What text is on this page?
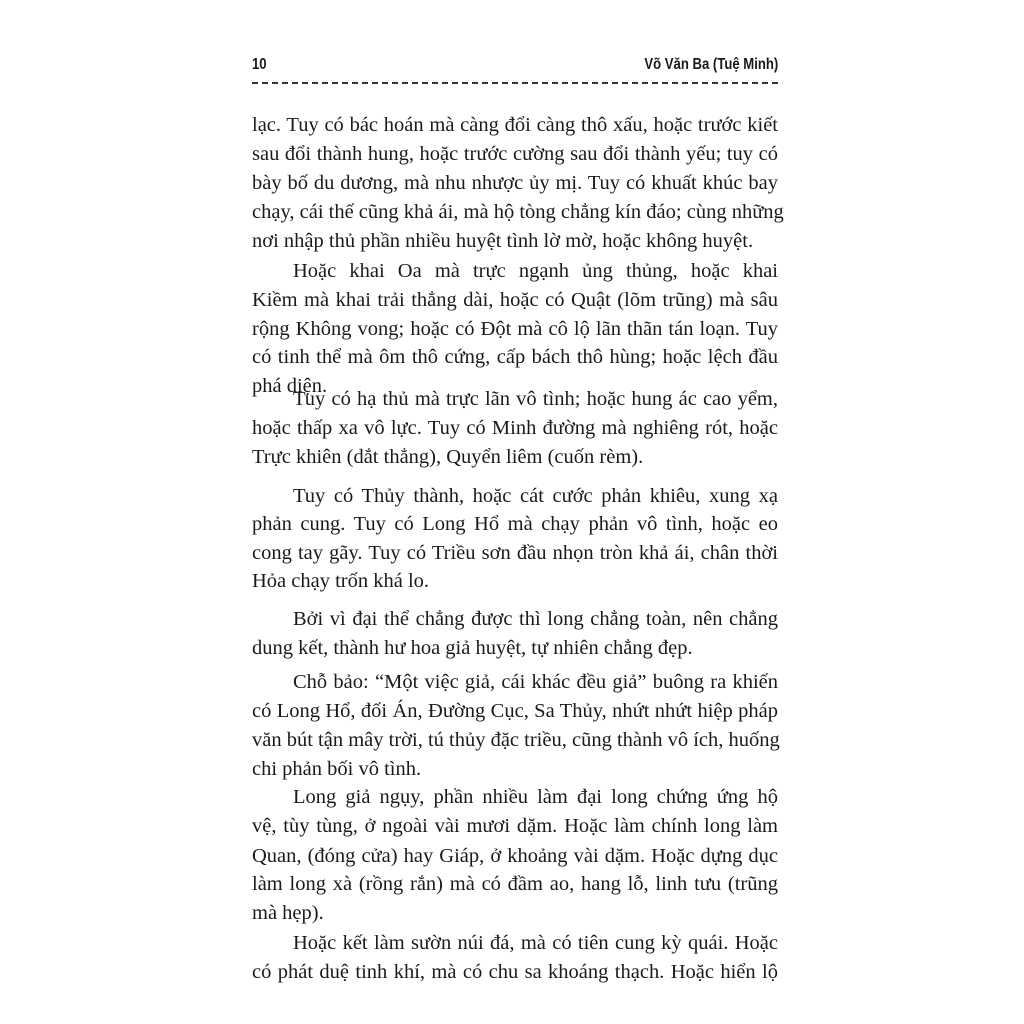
10	Võ Văn Ba (Tuệ Minh)
lạc. Tuy có bác hoán mà càng đổi càng thô xấu, hoặc trước kiết
sau đổi thành hung, hoặc trước cường sau đổi thành yếu; tuy có
bày bố du dương, mà nhu nhược ủy mị. Tuy có khuất khúc bay
chạy, cái thế cũng khả ái, mà hộ tòng chẳng kín đáo; cùng những
nơi nhập thủ phần nhiều huyệt tình lờ mờ, hoặc không huyệt.
Hoặc khai Oa mà trực ngạnh ủng thủng, hoặc khai
Kiềm mà khai trải thẳng dài, hoặc có Quật (lõm trũng) mà sâu
rộng Không vong; hoặc có Đột mà cô lộ lãn thãn tán loạn. Tuy
có tinh thể mà ôm thô cứng, cấp bách thô hùng; hoặc lệch đầu
phá diện.
Tuy có hạ thủ mà trực lãn vô tình; hoặc hung ác cao yểm,
hoặc thấp xa vô lực. Tuy có Minh đường mà nghiêng rót, hoặc
Trực khiên (dắt thẳng), Quyển liêm (cuốn rèm).
Tuy có Thủy thành, hoặc cát cước phản khiêu, xung xạ
phản cung. Tuy có Long Hổ mà chạy phản vô tình, hoặc eo
cong tay gãy. Tuy có Triều sơn đầu nhọn tròn khả ái, chân thời
Hỏa chạy trốn khá lo.
Bởi vì đại thể chẳng được thì long chẳng toàn, nên chẳng
dung kết, thành hư hoa giả huyệt, tự nhiên chẳng đẹp.
Chỗ bảo: “Một việc giả, cái khác đều giả” buông ra khiến
có Long Hổ, đối Án, Đường Cục, Sa Thủy, nhứt nhứt hiệp pháp
văn bút tận mây trời, tú thủy đặc triều, cũng thành vô ích, huống
chi phản bối vô tình.
Long giả ngụy, phần nhiều làm đại long chứng ứng hộ
vệ, tùy tùng, ở ngoài vài mươi dặm. Hoặc làm chính long làm
Quan, (đóng cửa) hay Giáp, ở khoảng vài dặm. Hoặc dựng dục
làm long xà (rồng rắn) mà có đầm ao, hang lỗ, linh tưu (trũng
mà hẹp).
Hoặc kết làm sườn núi đá, mà có tiên cung kỳ quái. Hoặc
có phát duệ tinh khí, mà có chu sa khoáng thạch. Hoặc hiển lộ
